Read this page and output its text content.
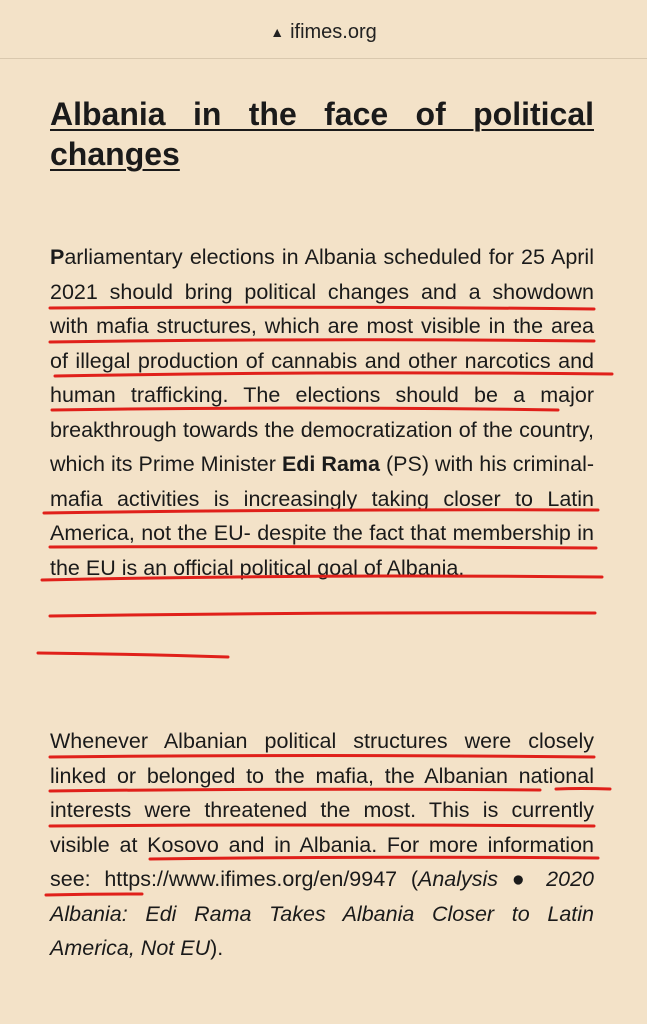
▲ ifimes.org
Albania in the face of political changes

Parliamentary elections in Albania scheduled for 25 April 2021 should bring political changes and a showdown with mafia structures, which are most visible in the area of illegal production of cannabis and other narcotics and human trafficking. The elections should be a major breakthrough towards the democratization of the country, which its Prime Minister Edi Rama (PS) with his criminal-mafia activities is increasingly taking closer to Latin America, not the EU- despite the fact that membership in the EU is an official political goal of Albania.

Whenever Albanian political structures were closely linked or belonged to the mafia, the Albanian national interests were threatened the most. This is currently visible at Kosovo and in Albania. For more information see: https://www.ifimes.org/en/9947 (Analysis ● 2020 Albania: Edi Rama Takes Albania Closer to Latin America, Not EU).
